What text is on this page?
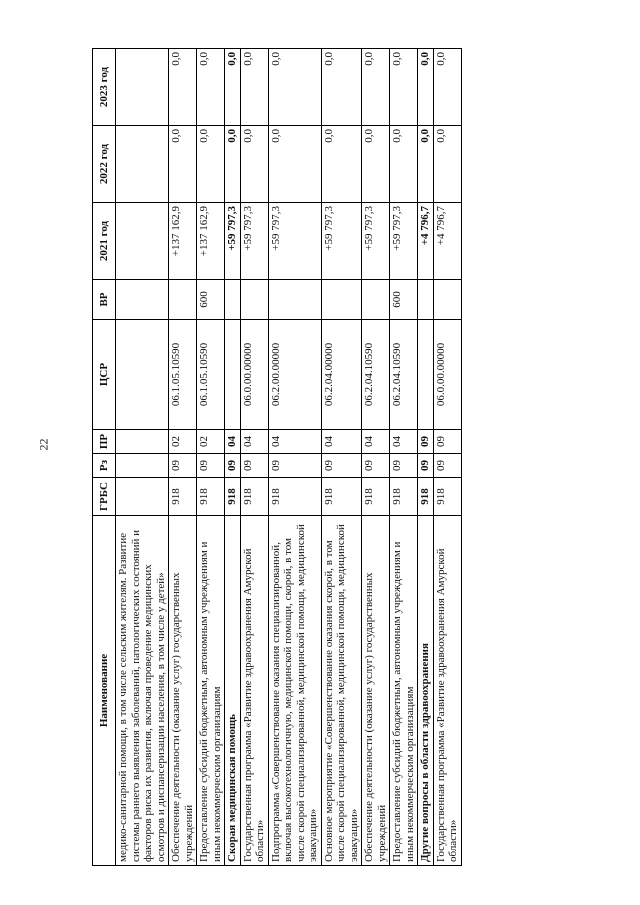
22
Наименование	ГРБС	Рз	ПР	ЦСР	ВР	2021 год	2022 год	2023 год
медико-санитарной помощи, в том числе сельским жителям. Развитие системы раннего выявления заболеваний, патологических состояний и факторов риска их развития, включая проведение медицинских осмотров и диспансеризации населения, в том числе у детей»								
Обеспечение деятельности (оказание услуг) государственных учреждений	918	09	02	06.1.05.10590		+137 162,9	0,0	0,0
Предоставление субсидий бюджетным, автономным учреждениям и иным некоммерческим организациям	918	09	02	06.1.05.10590	600	+137 162,9	0,0	0,0
Скорая медицинская помощь	918	09	04			+59 797,3	0,0	0,0
Государственная программа «Развитие здравоохранения Амурской области»	918	09	04	06.0.00.00000		+59 797,3	0,0	0,0
Подпрограмма «Совершенствование оказания специализированной, включая высокотехнологичную, медицинской помощи, скорой, в том числе скорой специализированной, медицинской помощи, медицинской эвакуации»	918	09	04	06.2.00.00000		+59 797,3	0,0	0,0
Основное мероприятие «Совершенствование оказания скорой, в том числе скорой специализированной, медицинской помощи, медицинской эвакуации»	918	09	04	06.2.04.00000		+59 797,3	0,0	0,0
Обеспечение деятельности (оказание услуг) государственных учреждений	918	09	04	06.2.04.10590		+59 797,3	0,0	0,0
Предоставление субсидий бюджетным, автономным учреждениям и иным некоммерческим организациям	918	09	04	06.2.04.10590	600	+59 797,3	0,0	0,0
Другие вопросы в области здравоохранения	918	09	09			+4 796,7	0,0	0,0
Государственная программа «Развитие здравоохранения Амурской области»	918	09	09	06.0.00.00000		+4 796,7	0,0	0,0
